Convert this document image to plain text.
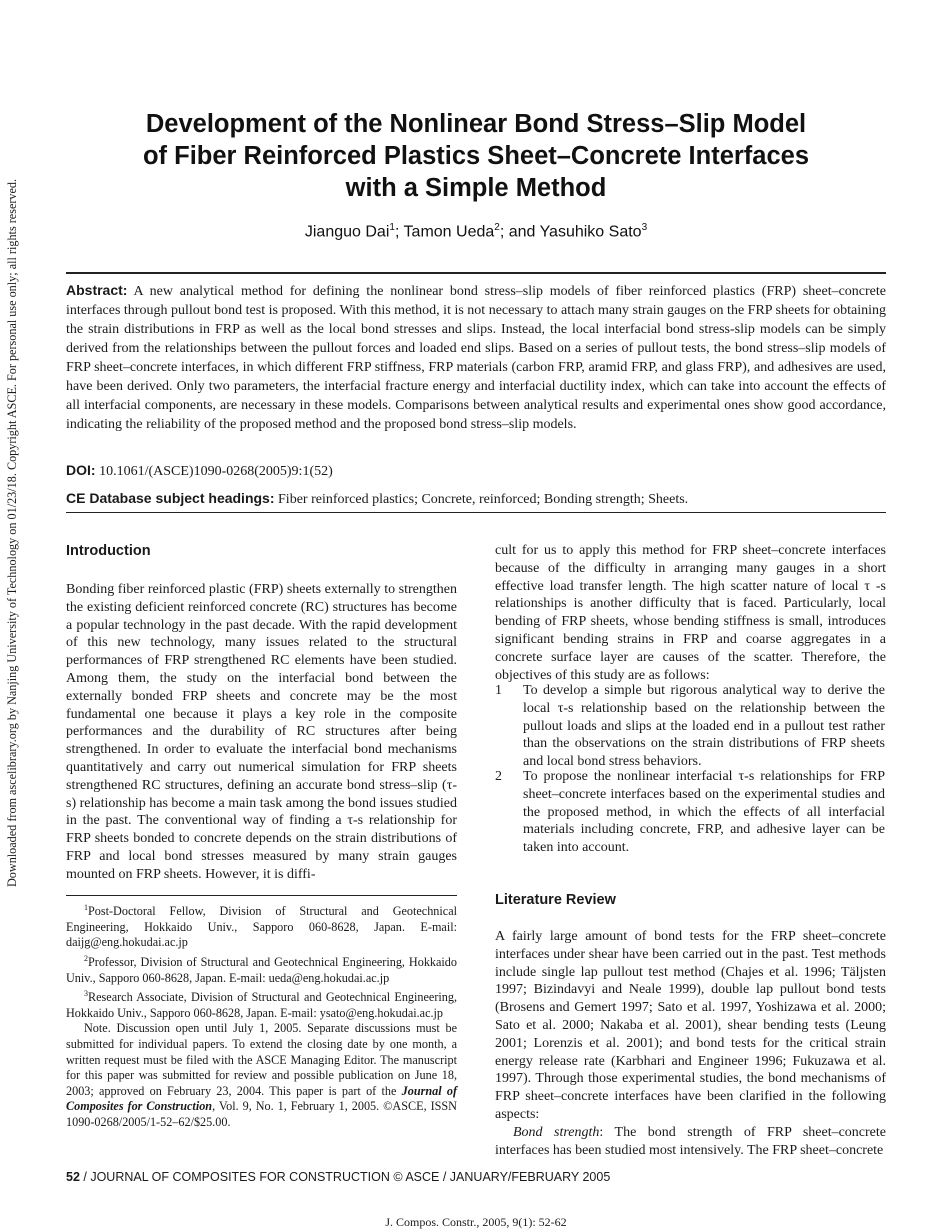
Downloaded from ascelibrary.org by Nanjing University of Technology on 01/23/18. Copyright ASCE. For personal use only; all rights reserved.
Development of the Nonlinear Bond Stress–Slip Model
of Fiber Reinforced Plastics Sheet–Concrete Interfaces
with a Simple Method
Jianguo Dai$^1$; Tamon Ueda$^2$; and Yasuhiko Sato$^3$
Abstract: A new analytical method for defining the nonlinear bond stress–slip models of fiber reinforced plastics (FRP) sheet–concrete interfaces through pullout bond test is proposed. With this method, it is not necessary to attach many strain gauges on the FRP sheets for obtaining the strain distributions in FRP as well as the local bond stresses and slips. Instead, the local interfacial bond stress-slip models can be simply derived from the relationships between the pullout forces and loaded end slips. Based on a series of pullout tests, the bond stress–slip models of FRP sheet–concrete interfaces, in which different FRP stiffness, FRP materials (carbon FRP, aramid FRP, and glass FRP), and adhesives are used, have been derived. Only two parameters, the interfacial fracture energy and interfacial ductility index, which can take into account the effects of all interfacial components, are necessary in these models. Comparisons between analytical results and experimental ones show good accordance, indicating the reliability of the proposed method and the proposed bond stress–slip models.
DOI: 10.1061/(ASCE)1090-0268(2005)9:1(52)
CE Database subject headings: Fiber reinforced plastics; Concrete, reinforced; Bonding strength; Sheets.
Introduction

Bonding fiber reinforced plastic (FRP) sheets externally to strengthen the existing deficient reinforced concrete (RC) structures has become a popular technology in the past decade. With the rapid development of this new technology, many issues related to the structural performances of FRP strengthened RC elements have been studied. Among them, the study on the interfacial bond between the externally bonded FRP sheets and concrete may be the most fundamental one because it plays a key role in the composite performances and the durability of RC structures after being strengthened. In order to evaluate the interfacial bond mechanisms quantitatively and carry out numerical simulation for FRP sheets strengthened RC structures, defining an accurate bond stress–slip (τ-s) relationship has become a main task among the bond issues studied in the past. The conventional way of finding a τ-s relationship for FRP sheets bonded to concrete depends on the strain distributions of FRP and local bond stresses measured by many strain gauges mounted on FRP sheets. However, it is diffi-

$^1$Post-Doctoral Fellow, Division of Structural and Geotechnical Engineering, Hokkaido Univ., Sapporo 060-8628, Japan. E-mail: daijg@eng.hokudai.ac.jp

$^2$Professor, Division of Structural and Geotechnical Engineering, Hokkaido Univ., Sapporo 060-8628, Japan. E-mail: ueda@eng.hokudai.ac.jp

$^3$Research Associate, Division of Structural and Geotechnical Engineering, Hokkaido Univ., Sapporo 060-8628, Japan. E-mail: ysato@eng.hokudai.ac.jp

Note. Discussion open until July 1, 2005. Separate discussions must be submitted for individual papers. To extend the closing date by one month, a written request must be filed with the ASCE Managing Editor. The manuscript for this paper was submitted for review and possible publication on June 18, 2003; approved on February 23, 2004. This paper is part of the Journal of Composites for Construction, Vol. 9, No. 1, February 1, 2005. ©ASCE, ISSN 1090-0268/2005/1-52–62/$25.00.

cult for us to apply this method for FRP sheet–concrete interfaces because of the difficulty in arranging many gauges in a short effective load transfer length. The high scatter nature of local τ -s relationships is another difficulty that is faced. Particularly, local bending of FRP sheets, whose bending stiffness is small, introduces significant bending strains in FRP and coarse aggregates in a concrete surface layer are causes of the scatter. Therefore, the objectives of this study are as follows:

1 To develop a simple but rigorous analytical way to derive the local τ-s relationship based on the relationship between the pullout loads and slips at the loaded end in a pullout test rather than the observations on the strain distributions of FRP sheets and local bond stress behaviors.
2 To propose the nonlinear interfacial τ-s relationships for FRP sheet–concrete interfaces based on the experimental studies and the proposed method, in which the effects of all interfacial materials including concrete, FRP, and adhesive layer can be taken into account.
Literature Review

A fairly large amount of bond tests for the FRP sheet–concrete interfaces under shear have been carried out in the past. Test methods include single lap pullout test method (Chajes et al. 1996; Täljsten 1997; Bizindavyi and Neale 1999), double lap pullout bond tests (Brosens and Gemert 1997; Sato et al. 1997, Yoshizawa et al. 2000; Sato et al. 2000; Nakaba et al. 2001), shear bending tests (Leung 2001; Lorenzis et al. 2001); and bond tests for the critical strain energy release rate (Karbhari and Engineer 1996; Fukuzawa et al. 1997). Through those experimental studies, the bond mechanisms of FRP sheet–concrete interfaces have been clarified in the following aspects:

Bond strength: The bond strength of FRP sheet–concrete interfaces has been studied most intensively. The FRP sheet–concrete

52 / JOURNAL OF COMPOSITES FOR CONSTRUCTION © ASCE / JANUARY/FEBRUARY 2005
J. Compos. Constr., 2005, 9(1): 52-62
